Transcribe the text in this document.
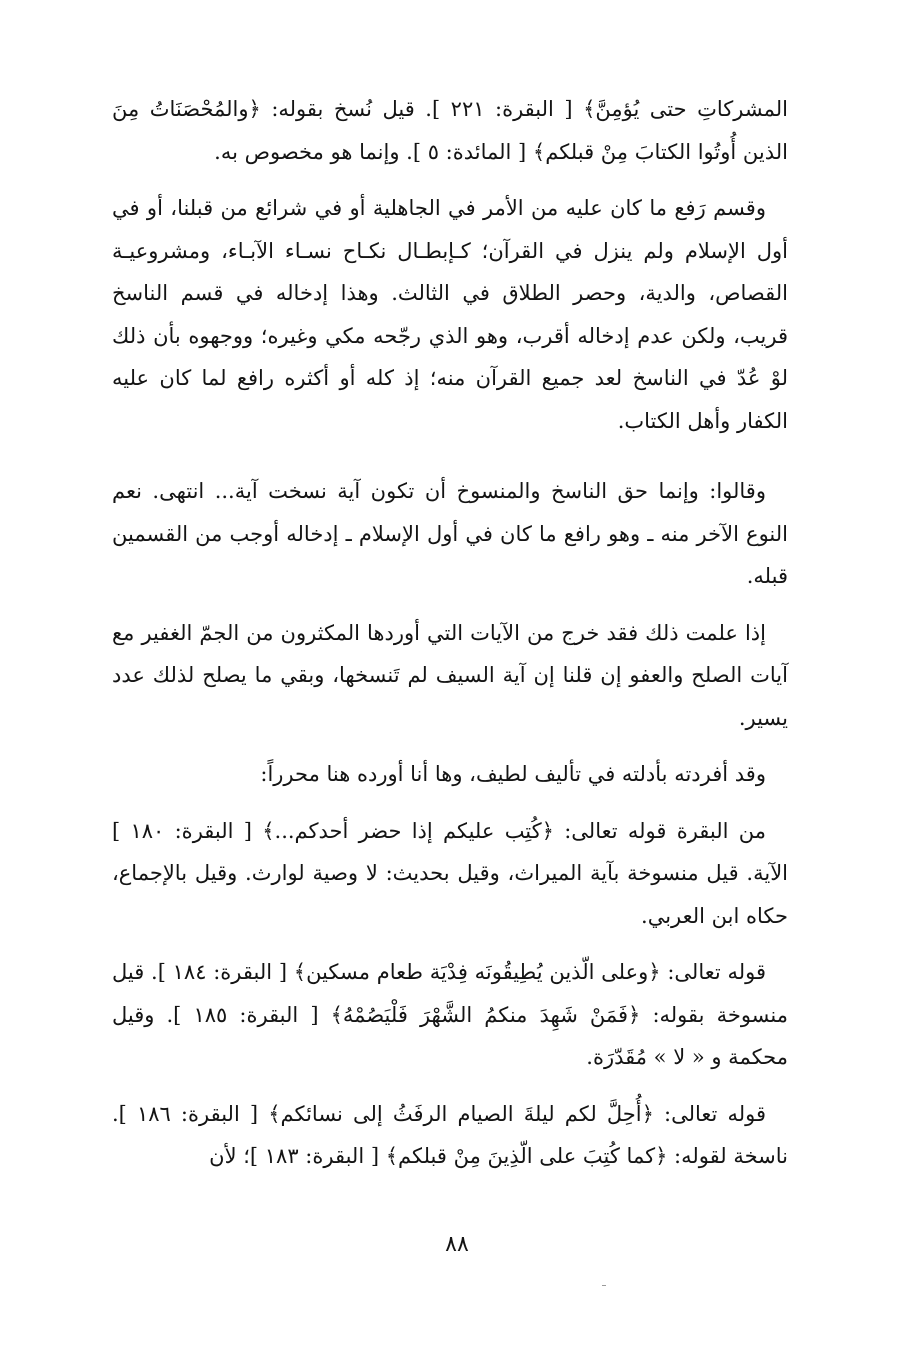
المشركاتِ حتى يُؤمِنَّ﴾ [ البقرة: ٢٢١ ]. قيل نُسخ بقوله: ﴿والمُحْصَنَاتُ مِنَ الذين أُوتُوا الكتابَ مِنْ قبلكم﴾ [ المائدة: ٥ ]. وإنما هو مخصوص به.

وقسم رَفع ما كان عليه من الأمر في الجاهلية أو في شرائع من قبلنا، أو في أول الإسلام ولم ينزل في القرآن؛ كـإبطـال نكـاح نسـاء الآبـاء، ومشروعيـة القصاص، والدية، وحصر الطلاق في الثالث. وهذا إدخاله في قسم الناسخ قريب، ولكن عدم إدخاله أقرب، وهو الذي رجّحه مكي وغيره؛ ووجهوه بأن ذلك لوْ عُدّ في الناسخ لعد جميع القرآن منه؛ إذ كله أو أكثره رافع لما كان عليه الكفار وأهل الكتاب.

وقالوا: وإنما حق الناسخ والمنسوخ أن تكون آية نسخت آية... انتهى. نعم النوع الآخر منه ـ وهو رافع ما كان في أول الإسلام ـ إدخاله أوجب من القسمين قبله.

إذا علمت ذلك فقد خرج من الآيات التي أوردها المكثرون من الجمّ الغفير مع آيات الصلح والعفو إن قلنا إن آية السيف لم تَنسخها، وبقي ما يصلح لذلك عدد يسير.

وقد أفردته بأدلته في تأليف لطيف، وها أنا أورده هنا محرراً:

من البقرة قوله تعالى: ﴿كُتِب عليكم إذا حضر أحدكم...﴾ [ البقرة: ١٨٠ ] الآية. قيل منسوخة بآية الميراث، وقيل بحديث: لا وصية لوارث. وقيل بالإجماع، حكاه ابن العربي.

قوله تعالى: ﴿وعلى الّذين يُطِيقُونَه فِدْيَة طعام مسكين﴾ [ البقرة: ١٨٤ ]. قيل منسوخة بقوله: ﴿فَمَنْ شَهِدَ منكمُ الشَّهْرَ فَلْيَصُمْهُ﴾ [ البقرة: ١٨٥ ]. وقيل محكمة و « لا » مُقَدّرَة.

قوله تعالى: ﴿أُحِلَّ لكم ليلةَ الصيام الرفَثُ إلى نسائكم﴾ [ البقرة: ١٨٦ ]. ناسخة لقوله: ﴿كما كُتِبَ على الّذِينَ مِنْ قبلكم﴾ [ البقرة: ١٨٣ ]؛ لأن

٨٨
